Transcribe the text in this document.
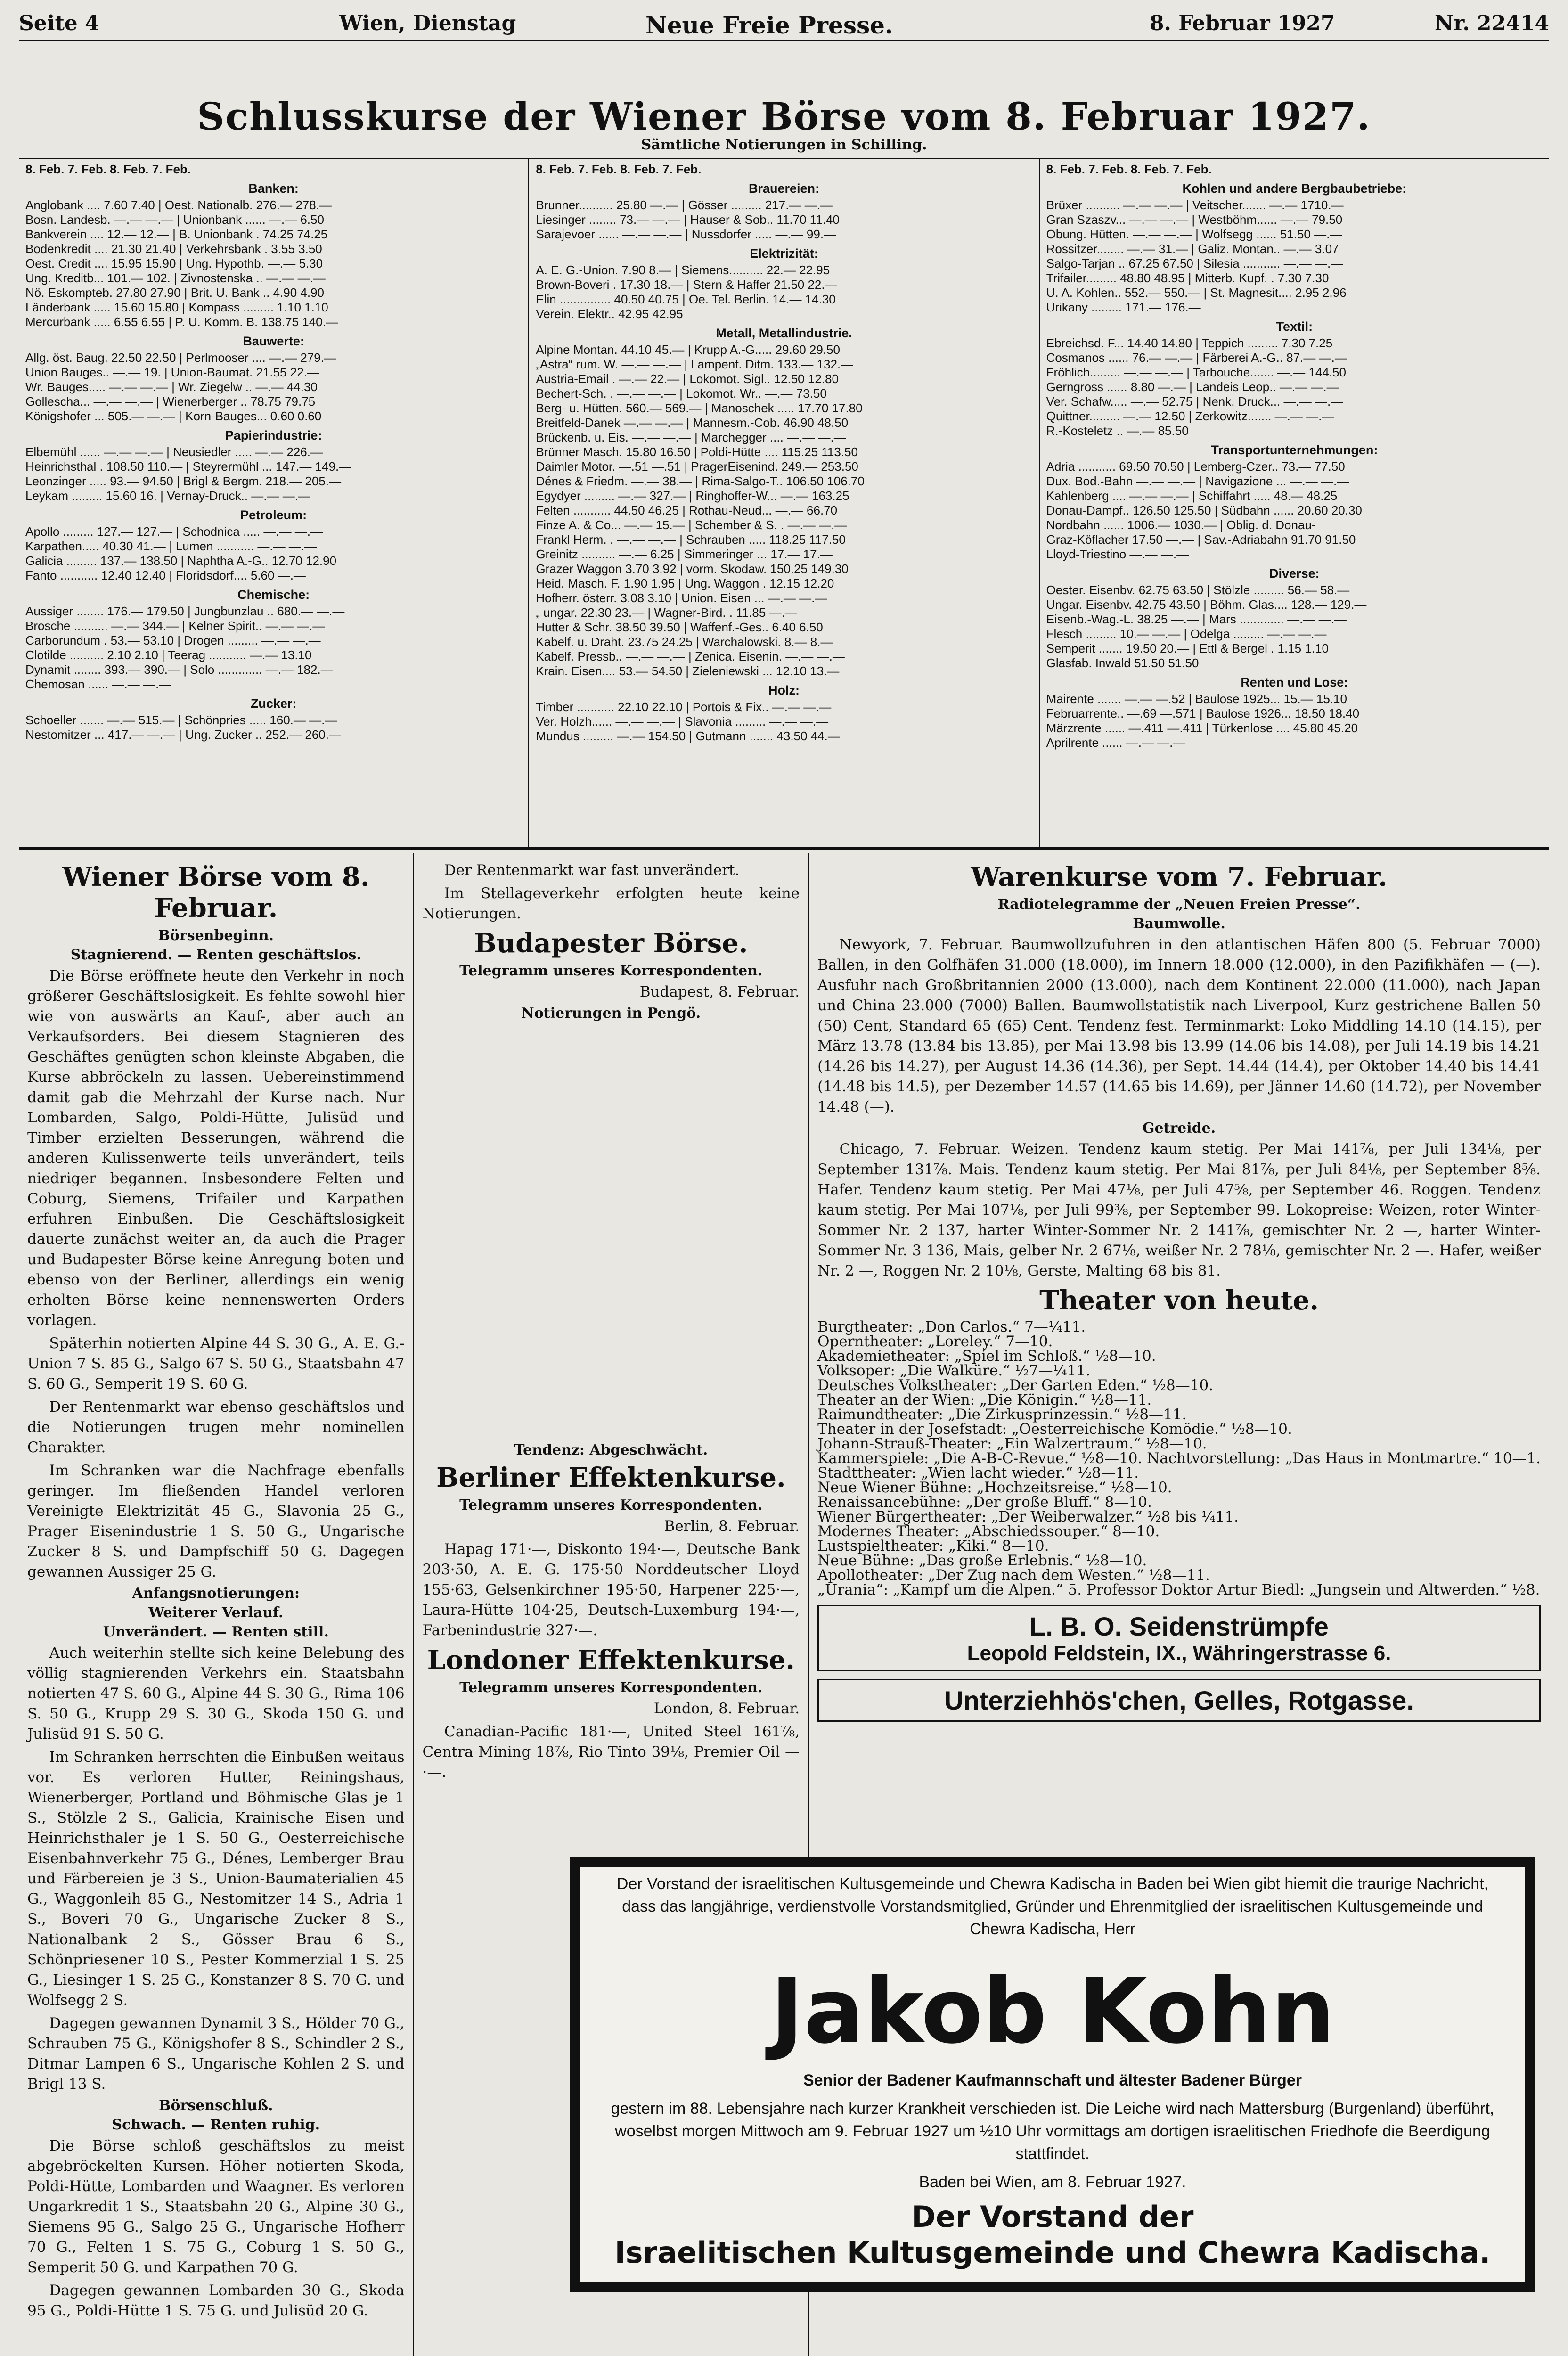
Seite 4	Wien, Dienstag	Neue Freie Presse.	8. Februar 1927	Nr. 22414
Schlusskurse der Wiener Börse vom 8. Februar 1927.
Sämtliche Notierungen in Schilling.
8. Feb. 7. Feb. 8. Feb. 7. Feb.
Banken:
Anglobank .... 7.60 7.40 | Oest. Nationalb. 276.— 278.—
Bosn. Landesb. —.— —.— | Unionbank ...... —.— 6.50
Bankverein .... 12.— 12.— | B. Unionbank . 74.25 74.25
Bodenkredit .... 21.30 21.40 | Verkehrsbank . 3.55 3.50
Oest. Credit .... 15.95 15.90 | Ung. Hypothb. —.— 5.30
Ung. Kreditb... 101.— 102. | Zivnostenska .. —.— —.—
Nö. Eskompteb. 27.80 27.90 | Brit. U. Bank .. 4.90 4.90
Länderbank ..... 15.60 15.80 | Kompass ......... 1.10 1.10
Mercurbank ..... 6.55 6.55 | P. U. Komm. B. 138.75 140.—
Bauwerte:
Allg. öst. Baug. 22.50 22.50 | Perlmooser .... —.— 279.—
Union Bauges.. —.— 19. | Union-Baumat. 21.55 22.—
Wr. Bauges..... —.— —.— | Wr. Ziegelw .. —.— 44.30
Gollescha... —.— —.— | Wienerberger .. 78.75 79.75
Königshofer ... 505.— —.— | Korn-Bauges... 0.60 0.60
Papierindustrie:
Elbemühl ...... —.— —.— | Neusiedler ..... —.— 226.—
Heinrichsthal . 108.50 110.— | Steyrermühl ... 147.— 149.—
Leonzinger ..... 93.— 94.50 | Brigl & Bergm. 218.— 205.—
Leykam ......... 15.60 16. | Vernay-Druck.. —.— —.—
Petroleum:
Apollo ......... 127.— 127.— | Schodnica ..... —.— —.—
Karpathen..... 40.30 41.— | Lumen ........... —.— —.—
Galicia ......... 137.— 138.50 | Naphtha A.-G.. 12.70 12.90
Fanto ........... 12.40 12.40 | Floridsdorf.... 5.60 —.—
Chemische:
Aussiger ........ 176.— 179.50 | Jungbunzlau .. 680.— —.—
Brosche .......... —.— 344.— | Kelner Spirit.. —.— —.—
Carborundum . 53.— 53.10 | Drogen ......... —.— —.—
Clotilde .......... 2.10 2.10 | Teerag ........... —.— 13.10
Dynamit ........ 393.— 390.— | Solo ............. —.— 182.—
Chemosan ...... —.— —.—
Zucker:
Schoeller ....... —.— 515.— | Schönpries ..... 160.— —.—
Nestomitzer ... 417.— —.— | Ung. Zucker .. 252.— 260.—
8. Feb. 7. Feb. 8. Feb. 7. Feb.
Brauereien:
Brunner.......... 25.80 —.— | Gösser ......... 217.— —.—
Liesinger ........ 73.— —.— | Hauser & Sob.. 11.70 11.40
Sarajevoer ...... —.— —.— | Nussdorfer ..... —.— 99.—
Elektrizität:
A. E. G.-Union. 7.90 8.— | Siemens.......... 22.— 22.95
Brown-Boveri . 17.30 18.— | Stern & Haffer 21.50 22.—
Elin ............... 40.50 40.75 | Oe. Tel. Berlin. 14.— 14.30
Verein. Elektr.. 42.95 42.95
Metall, Metallindustrie.
Alpine Montan. 44.10 45.— | Krupp A.-G..... 29.60 29.50
„Astra“ rum. W. —.— —.— | Lampenf. Ditm. 133.— 132.—
Austria-Email . —.— 22.— | Lokomot. Sigl.. 12.50 12.80
Bechert-Sch. . —.— —.— | Lokomot. Wr.. —.— 73.50
Berg- u. Hütten. 560.— 569.— | Manoschek ..... 17.70 17.80
Breitfeld-Danek —.— —.— | Mannesm.-Cob. 46.90 48.50
Brückenb. u. Eis. —.— —.— | Marchegger .... —.— —.—
Brünner Masch. 15.80 16.50 | Poldi-Hütte .... 115.25 113.50
Daimler Motor. —.51 —.51 | PragerEisenind. 249.— 253.50
Dénes & Friedm. —.— 38.— | Rima-Salgo-T.. 106.50 106.70
Egydyer ......... —.— 327.— | Ringhoffer-W... —.— 163.25
Felten ........... 44.50 46.25 | Rothau-Neud... —.— 66.70
Finze A. & Co... —.— 15.— | Schember & S. . —.— —.—
Frankl Herm. . —.— —.— | Schrauben ..... 118.25 117.50
Greinitz .......... —.— 6.25 | Simmeringer ... 17.— 17.—
Grazer Waggon 3.70 3.92 | vorm. Skodaw. 150.25 149.30
Heid. Masch. F. 1.90 1.95 | Ung. Waggon . 12.15 12.20
Hofherr. österr. 3.08 3.10 | Union. Eisen ... —.— —.—
„ ungar. 22.30 23.— | Wagner-Bird. . 11.85 —.—
Hutter & Schr. 38.50 39.50 | Waffenf.-Ges.. 6.40 6.50
Kabelf. u. Draht. 23.75 24.25 | Warchalowski. 8.— 8.—
Kabelf. Pressb.. —.— —.— | Zenica. Eisenin. —.— —.—
Krain. Eisen.... 53.— 54.50 | Zieleniewski ... 12.10 13.—
Holz:
Timber ........... 22.10 22.10 | Portois & Fix.. —.— —.—
Ver. Holzh...... —.— —.— | Slavonia ......... —.— —.—
Mundus ......... —.— 154.50 | Gutmann ....... 43.50 44.—
8. Feb. 7. Feb. 8. Feb. 7. Feb.
Kohlen und andere Bergbaubetriebe:
Brüxer .......... —.— —.— | Veitscher....... —.— 1710.—
Gran Szaszv... —.— —.— | Westböhm...... —.— 79.50
Obung. Hütten. —.— —.— | Wolfsegg ...... 51.50 —.—
Rossitzer........ —.— 31.— | Galiz. Montan.. —.— 3.07
Salgo-Tarjan .. 67.25 67.50 | Silesia ........... —.— —.—
Trifailer......... 48.80 48.95 | Mitterb. Kupf. . 7.30 7.30
U. A. Kohlen.. 552.— 550.— | St. Magnesit.... 2.95 2.96
Urikany ......... 171.— 176.—
Textil:
Ebreichsd. F... 14.40 14.80 | Teppich ......... 7.30 7.25
Cosmanos ...... 76.— —.— | Färberei A.-G.. 87.— —.—
Fröhlich......... —.— —.— | Tarbouche....... —.— 144.50
Gerngross ...... 8.80 —.— | Landeis Leop.. —.— —.—
Ver. Schafw..... —.— 52.75 | Nenk. Druck... —.— —.—
Quittner......... —.— 12.50 | Zerkowitz....... —.— —.—
R.-Kosteletz .. —.— 85.50
Transportunternehmungen:
Adria ........... 69.50 70.50 | Lemberg-Czer.. 73.— 77.50
Dux. Bod.-Bahn —.— —.— | Navigazione ... —.— —.—
Kahlenberg .... —.— —.— | Schiffahrt ..... 48.— 48.25
Donau-Dampf.. 126.50 125.50 | Südbahn ...... 20.60 20.30
Nordbahn ...... 1006.— 1030.— | Oblig. d. Donau-
Graz-Köflacher 17.50 —.— | Sav.-Adriabahn 91.70 91.50
Lloyd-Triestino —.— —.—
Diverse:
Oester. Eisenbv. 62.75 63.50 | Stölzle ......... 56.— 58.—
Ungar. Eisenbv. 42.75 43.50 | Böhm. Glas.... 128.— 129.—
Eisenb.-Wag.-L. 38.25 —.— | Mars ............. —.— —.—
Flesch ......... 10.— —.— | Odelga ......... —.— —.—
Semperit ....... 19.50 20.— | Ettl & Bergel . 1.15 1.10
Glasfab. Inwald 51.50 51.50
Renten und Lose:
Mairente ....... —.— —.52 | Baulose 1925... 15.— 15.10
Februarrente.. —.69 —.571 | Baulose 1926... 18.50 18.40
Märzrente ...... —.411 —.411 | Türkenlose .... 45.80 45.20
Aprilrente ...... —.— —.—
Wiener Börse vom 8. Februar.
Börsenbeginn.
Stagnierend. — Renten geschäftslos.

Die Börse eröffnete heute den Verkehr in noch größerer Geschäftslosigkeit. Es fehlte sowohl hier wie von auswärts an Kauf-, aber auch an Verkaufsorders. Bei diesem Stagnieren des Geschäftes genügten schon kleinste Abgaben, die Kurse abbröckeln zu lassen. Uebereinstimmend damit gab die Mehrzahl der Kurse nach. Nur Lombarden, Salgo, Poldi-Hütte, Julisüd und Timber erzielten Besserungen, während die anderen Kulissenwerte teils unverändert, teils niedriger begannen. Insbesondere Felten und Coburg, Siemens, Trifailer und Karpathen erfuhren Einbußen. Die Geschäftslosigkeit dauerte zunächst weiter an, da auch die Prager und Budapester Börse keine Anregung boten und ebenso von der Berliner, allerdings ein wenig erholten Börse keine nennenswerten Orders vorlagen.

Späterhin notierten Alpine 44 S. 30 G., A. E. G.-Union 7 S. 85 G., Salgo 67 S. 50 G., Staatsbahn 47 S. 60 G., Semperit 19 S. 60 G.

Der Rentenmarkt war ebenso geschäftslos und die Notierungen trugen mehr nominellen Charakter.

Im Schranken war die Nachfrage ebenfalls geringer. Im fließenden Handel verloren Vereinigte Elektrizität 45 G., Slavonia 25 G., Prager Eisenindustrie 1 S. 50 G., Ungarische Zucker 8 S. und Dampfschiff 50 G. Dagegen gewannen Aussiger 25 G.

Anfangsnotierungen:
Weiterer Verlauf.
Unverändert. — Renten still.

Auch weiterhin stellte sich keine Belebung des völlig stagnierenden Verkehrs ein. Staatsbahn notierten 47 S. 60 G., Alpine 44 S. 30 G., Rima 106 S. 50 G., Krupp 29 S. 30 G., Skoda 150 G. und Julisüd 91 S. 50 G.

Im Schranken herrschten die Einbußen weitaus vor. Es verloren Hutter, Reiningshaus, Wienerberger, Portland und Böhmische Glas je 1 S., Stölzle 2 S., Galicia, Krainische Eisen und Heinrichsthaler je 1 S. 50 G., Oesterreichische Eisenbahnverkehr 75 G., Dénes, Lemberger Brau und Färbereien je 3 S., Union-Baumaterialien 45 G., Waggonleih 85 G., Nestomitzer 14 S., Adria 1 S., Boveri 70 G., Ungarische Zucker 8 S., Nationalbank 2 S., Gösser Brau 6 S., Schönpriesener 10 S., Pester Kommerzial 1 S. 25 G., Liesinger 1 S. 25 G., Konstanzer 8 S. 70 G. und Wolfsegg 2 S.

Dagegen gewannen Dynamit 3 S., Hölder 70 G., Schrauben 75 G., Königshofer 8 S., Schindler 2 S., Ditmar Lampen 6 S., Ungarische Kohlen 2 S. und Brigl 13 S.

Börsenschluß.
Schwach. — Renten ruhig.

Die Börse schloß geschäftslos zu meist abgebröckelten Kursen. Höher notierten Skoda, Poldi-Hütte, Lombarden und Waagner. Es verloren Ungarkredit 1 S., Staatsbahn 20 G., Alpine 30 G., Siemens 95 G., Salgo 25 G., Ungarische Hofherr 70 G., Felten 1 S. 75 G., Coburg 1 S. 50 G., Semperit 50 G. und Karpathen 70 G.

Dagegen gewannen Lombarden 30 G., Skoda 95 G., Poldi-Hütte 1 S. 75 G. und Julisüd 20 G.

Der Rentenmarkt war fast unverändert.

Im Stellageverkehr erfolgten heute keine Notierungen.

Budapester Börse.
Telegramm unseres Korrespondenten.
Budapest, 8. Februar.
Notierungen in Pengö.
Tendenz: Abgeschwächt.
Berliner Effektenkurse.
Telegramm unseres Korrespondenten.
Berlin, 8. Februar.

Hapag 171·—, Diskonto 194·—, Deutsche Bank 203·50, A. E. G. 175·50 Norddeutscher Lloyd 155·63, Gelsenkirchner 195·50, Harpener 225·—, Laura-Hütte 104·25, Deutsch-Luxemburg 194·—, Farbenindustrie 327·—.

Londoner Effektenkurse.
Telegramm unseres Korrespondenten.
London, 8. Februar.

Canadian-Pacific 181·—, United Steel 161⅞, Centra Mining 18⅞, Rio Tinto 39⅛, Premier Oil —·—.

Warenkurse vom 7. Februar.
Radiotelegramme der „Neuen Freien Presse“.
Baumwolle.

Newyork, 7. Februar. Baumwollzufuhren in den atlantischen Häfen 800 (5. Februar 7000) Ballen, in den Golfhäfen 31.000 (18.000), im Innern 18.000 (12.000), in den Pazifikhäfen — (—). Ausfuhr nach Großbritannien 2000 (13.000), nach dem Kontinent 22.000 (11.000), nach Japan und China 23.000 (7000) Ballen. Baumwollstatistik nach Liverpool, Kurz gestrichene Ballen 50 (50) Cent, Standard 65 (65) Cent. Tendenz fest. Terminmarkt: Loko Middling 14.10 (14.15), per März 13.78 (13.84 bis 13.85), per Mai 13.98 bis 13.99 (14.06 bis 14.08), per Juli 14.19 bis 14.21 (14.26 bis 14.27), per August 14.36 (14.36), per Sept. 14.44 (14.4), per Oktober 14.40 bis 14.41 (14.48 bis 14.5), per Dezember 14.57 (14.65 bis 14.69), per Jänner 14.60 (14.72), per November 14.48 (—).

Getreide.

Chicago, 7. Februar. Weizen. Tendenz kaum stetig. Per Mai 141⅞, per Juli 134⅛, per September 131⅞. Mais. Tendenz kaum stetig. Per Mai 81⅞, per Juli 84⅛, per September 8⅝. Hafer. Tendenz kaum stetig. Per Mai 47⅛, per Juli 47⅝, per September 46. Roggen. Tendenz kaum stetig. Per Mai 107⅛, per Juli 99⅜, per September 99. Lokopreise: Weizen, roter Winter-Sommer Nr. 2 137, harter Winter-Sommer Nr. 2 141⅞, gemischter Nr. 2 —, harter Winter-Sommer Nr. 3 136, Mais, gelber Nr. 2 67⅛, weißer Nr. 2 78⅛, gemischter Nr. 2 —. Hafer, weißer Nr. 2 —, Roggen Nr. 2 10⅛, Gerste, Malting 68 bis 81.

Theater von heute.
Burgtheater: „Don Carlos.“ 7—¼11.
Operntheater: „Loreley.“ 7—10.
Akademietheater: „Spiel im Schloß.“ ½8—10.
Volksoper: „Die Walküre.“ ½7—¼11.
Deutsches Volkstheater: „Der Garten Eden.“ ½8—10.
Theater an der Wien: „Die Königin.“ ½8—11.
Raimundtheater: „Die Zirkusprinzessin.“ ½8—11.
Theater in der Josefstadt: „Oesterreichische Komödie.“ ½8—10.
Johann-Strauß-Theater: „Ein Walzertraum.“ ½8—10.
Kammerspiele: „Die A-B-C-Revue.“ ½8—10. Nachtvorstellung: „Das Haus in Montmartre.“ 10—1.
Stadttheater: „Wien lacht wieder.“ ½8—11.
Neue Wiener Bühne: „Hochzeitsreise.“ ½8—10.
Renaissancebühne: „Der große Bluff.“ 8—10.
Wiener Bürgertheater: „Der Weiberwalzer.“ ½8 bis ¼11.
Modernes Theater: „Abschiedssouper.“ 8—10.
Lustspieltheater: „Kiki.“ 8—10.
Neue Bühne: „Das große Erlebnis.“ ½8—10.
Apollotheater: „Der Zug nach dem Westen.“ ½8—11.
„Urania“: „Kampf um die Alpen.“ 5. Professor Doktor Artur Biedl: „Jungsein und Altwerden.“ ½8.
L. B. O. Seidenstrümpfe
Leopold Feldstein, IX., Währingerstrasse 6.
Unterziehhös'chen, Gelles, Rotgasse.
Der Vorstand der israelitischen Kultusgemeinde und Chewra Kadischa in Baden bei Wien gibt hiemit die traurige Nachricht, dass das langjährige, verdienstvolle Vorstandsmitglied, Gründer und Ehrenmitglied der israelitischen Kultusgemeinde und Chewra Kadischa, Herr
Jakob Kohn
Senior der Badener Kaufmannschaft und ältester Badener Bürger
gestern im 88. Lebensjahre nach kurzer Krankheit verschieden ist. Die Leiche wird nach Mattersburg (Burgenland) überführt, woselbst morgen Mittwoch am 9. Februar 1927 um ½10 Uhr vormittags am dortigen israelitischen Friedhofe die Beerdigung stattfindet.
Baden bei Wien, am 8. Februar 1927.
Der Vorstand der
Israelitischen Kultusgemeinde und Chewra Kadischa.
